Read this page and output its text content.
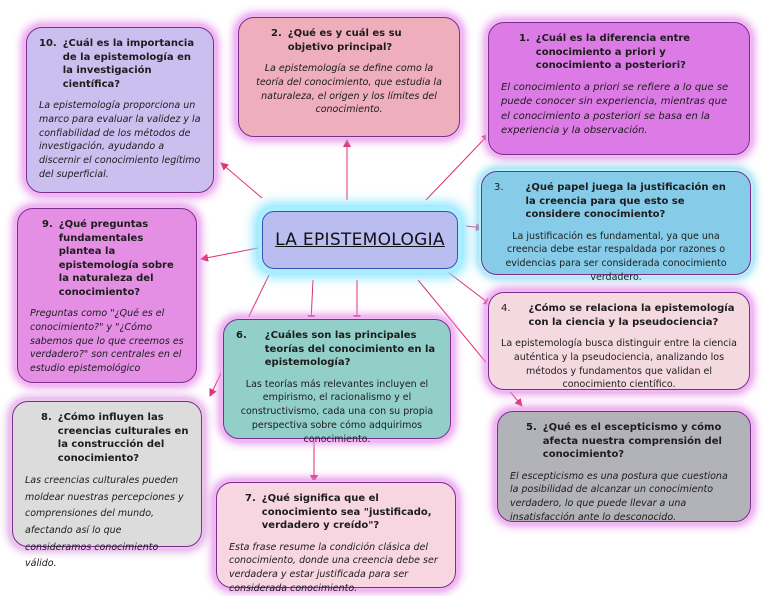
10. ¿Cuál es la importancia de la epistemología en la investigación científica?
La epistemología proporciona un marco para evaluar la validez y la confiabilidad de los métodos de investigación, ayudando a discernir el conocimiento legítimo del superficial.
2. ¿Qué es y cuál es su objetivo principal?
La epistemología se define como la teoría del conocimiento, que estudia la naturaleza, el origen y los límites del conocimiento.
1. ¿Cuál es la diferencia entre conocimiento a priori y conocimiento a posteriori?
El conocimiento a priori se refiere a lo que se puede conocer sin experiencia, mientras que el conocimiento a posteriori se basa en la experiencia y la observación.
3. ¿Qué papel juega la justificación en la creencia para que esto se considere conocimiento?
La justificación es fundamental, ya que una creencia debe estar respaldada por razones o evidencias para ser considerada conocimiento verdadero.
9. ¿Qué preguntas fundamentales plantea la epistemología sobre la naturaleza del conocimiento?
Preguntas como "¿Qué es el conocimiento?" y "¿Cómo sabemos que lo que creemos es verdadero?" son centrales en el estudio epistemológico
LA EPISTEMOLOGIA
4. ¿Cómo se relaciona la epistemología con la ciencia y la pseudociencia?
La epistemología busca distinguir entre la ciencia auténtica y la pseudociencia, analizando los métodos y fundamentos que validan el conocimiento científico.
6. ¿Cuáles son las principales teorías del conocimiento en la epistemología?
Las teorías más relevantes incluyen el empirismo, el racionalismo y el constructivismo, cada una con su propia perspectiva sobre cómo adquirimos conocimiento.
8. ¿Cómo influyen las creencias culturales en la construcción del conocimiento?
Las creencias culturales pueden moldear nuestras percepciones y comprensiones del mundo, afectando así lo que consideramos conocimiento válido.
5. ¿Qué es el escepticismo y cómo afecta nuestra comprensión del conocimiento?
El escepticismo es una postura que cuestiona la posibilidad de alcanzar un conocimiento verdadero, lo que puede llevar a una insatisfacción ante lo desconocido.
7. ¿Qué significa que el conocimiento sea "justificado, verdadero y creído"?
Esta frase resume la condición clásica del conocimiento, donde una creencia debe ser verdadera y estar justificada para ser considerada conocimiento.
